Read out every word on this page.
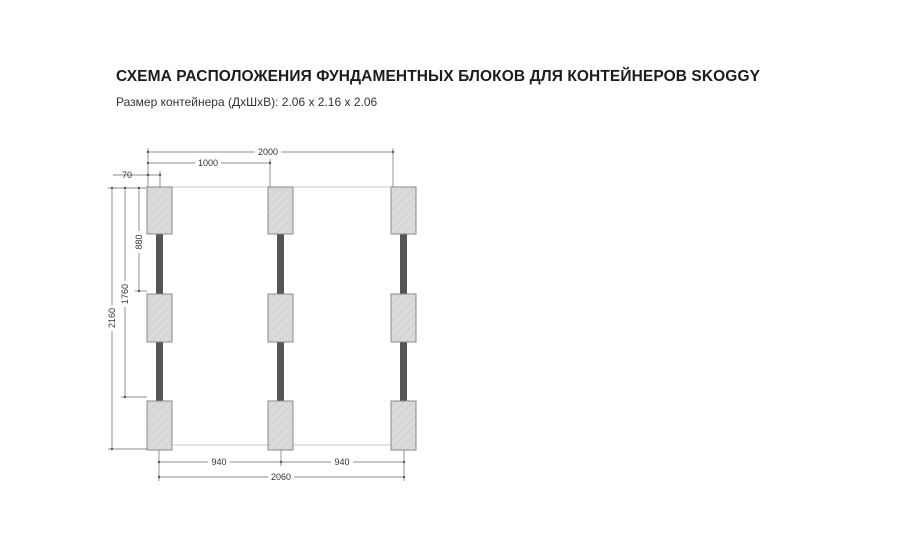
СХЕМА РАСПОЛОЖЕНИЯ ФУНДАМЕНТНЫХ БЛОКОВ ДЛЯ КОНТЕЙНЕРОВ SKOGGY
Размер контейнера (ДхШхВ): 2.06 х 2.16 х 2.06
2000
1000
70
2160
1760
880
940	940
2060
